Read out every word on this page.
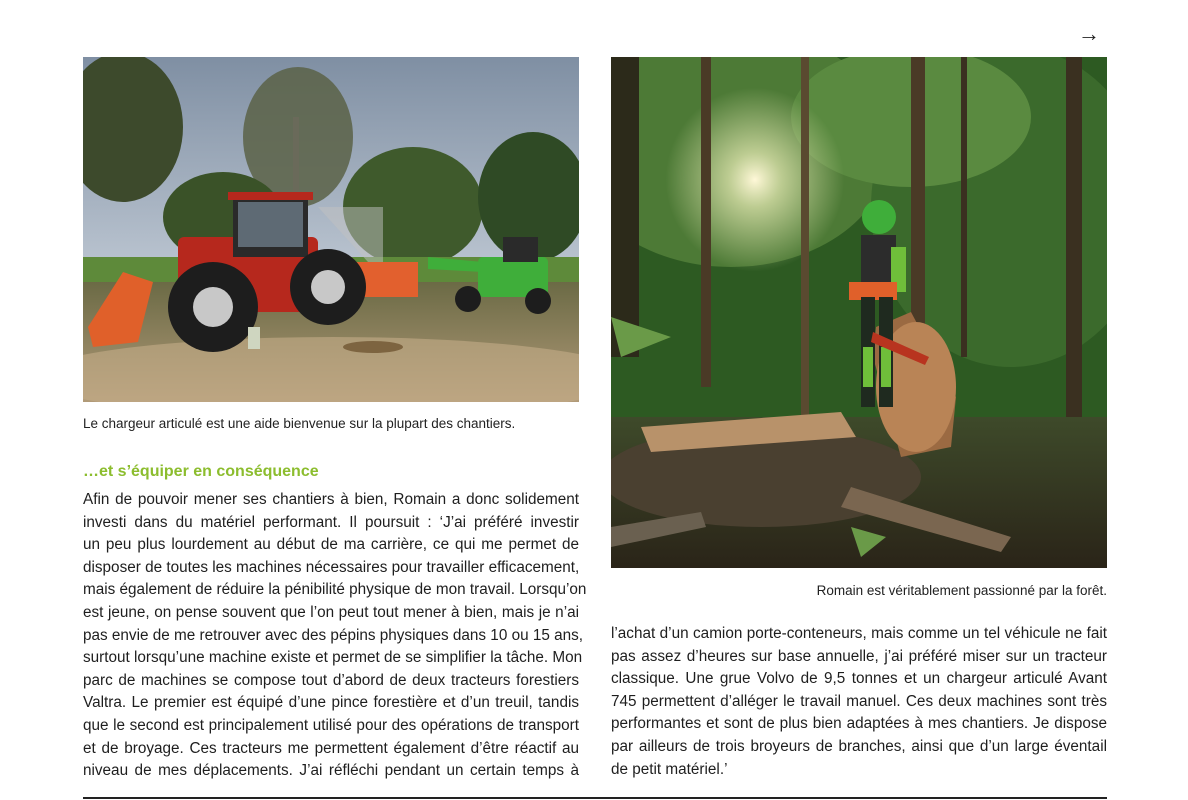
→
Le chargeur articulé est une aide bienvenue sur la plupart des chantiers.
Romain est véritablement passionné par la forêt.
…et s’équiper en conséquence
Afin de pouvoir mener ses chantiers à bien, Romain a donc solidement
investi dans du matériel performant. Il poursuit : ‘J’ai préféré investir
un peu plus lourdement au début de ma carrière, ce qui me permet de
disposer de toutes les machines nécessaires pour travailler efficacement,
mais également de réduire la pénibilité physique de mon travail. Lorsqu’on
est jeune, on pense souvent que l’on peut tout mener à bien, mais je n’ai
pas envie de me retrouver avec des pépins physiques dans 10 ou 15 ans,
surtout lorsqu’une machine existe et permet de se simplifier la tâche. Mon
parc de machines se compose tout d’abord de deux tracteurs forestiers
Valtra. Le premier est équipé d’une pince forestière et d’un treuil, tandis
que le second est principalement utilisé pour des opérations de transport
et de broyage. Ces tracteurs me permettent également d’être réactif au
niveau de mes déplacements. J’ai réfléchi pendant un certain temps à
l’achat d’un camion porte-conteneurs, mais comme un tel véhicule ne fait
pas assez d’heures sur base annuelle, j’ai préféré miser sur un tracteur
classique. Une grue Volvo de 9,5 tonnes et un chargeur articulé Avant
745 permettent d’alléger le travail manuel. Ces deux machines sont très
performantes et sont de plus bien adaptées à mes chantiers. Je dispose
par ailleurs de trois broyeurs de branches, ainsi que d’un large éventail
de petit matériel.’
